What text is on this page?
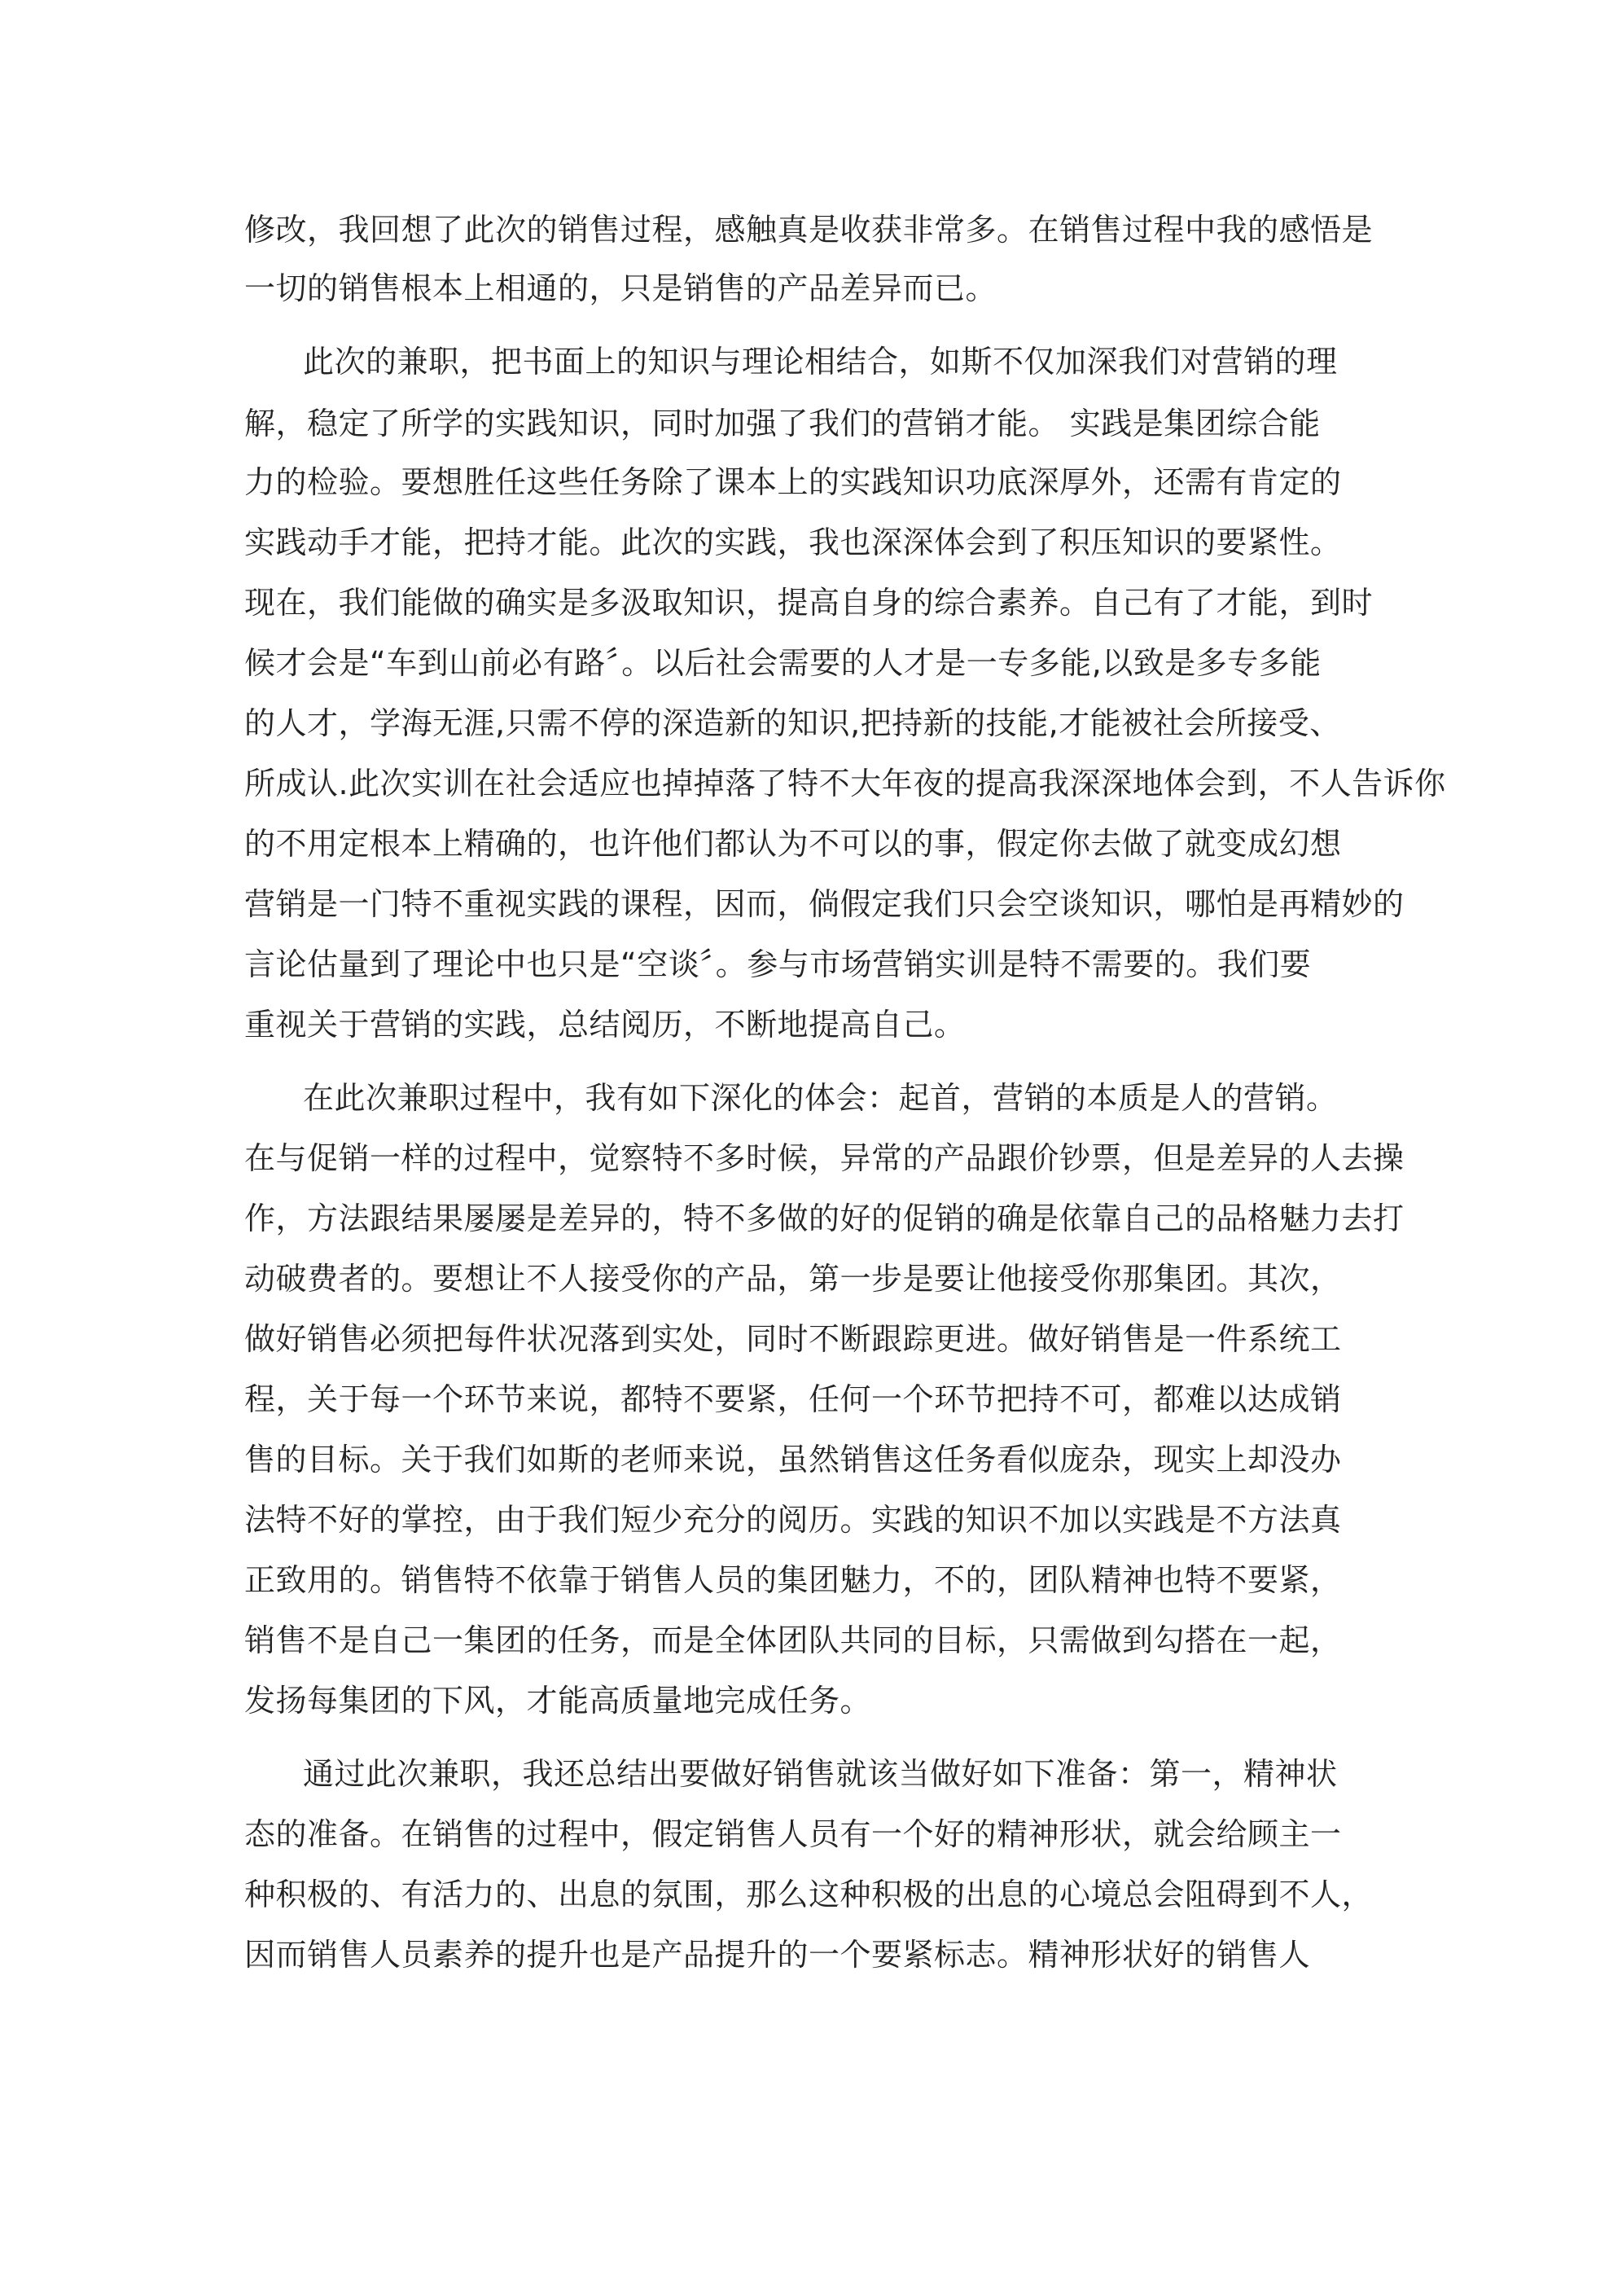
修改，我回想了此次的销售过程，感触真是收获非常多。在销售过程中我的感悟是
一切的销售根本上相通的，只是销售的产品差异而已。
此次的兼职，把书面上的知识与理论相结合，如斯不仅加深我们对营销的理
解，稳定了所学的实践知识，同时加强了我们的营销才能。 实践是集团综合能
力的检验。要想胜任这些任务除了课本上的实践知识功底深厚外，还需有肯定的
实践动手才能，把持才能。此次的实践，我也深深体会到了积压知识的要紧性。
现在，我们能做的确实是多汲取知识，提高自身的综合素养。自己有了才能，到时
候才会是“车到山前必有路〞。以后社会需要的人才是一专多能,以致是多专多能
的人才，学海无涯,只需不停的深造新的知识,把持新的技能,才能被社会所接受、
所成认.此次实训在社会适应也掉掉落了特不大年夜的提高我深深地体会到，不人告诉你
的不用定根本上精确的，也许他们都认为不可以的事，假定你去做了就变成幻想
营销是一门特不重视实践的课程，因而，倘假定我们只会空谈知识，哪怕是再精妙的
言论估量到了理论中也只是“空谈〞。参与市场营销实训是特不需要的。我们要
重视关于营销的实践，总结阅历，不断地提高自己。
在此次兼职过程中，我有如下深化的体会：起首，营销的本质是人的营销。
在与促销一样的过程中，觉察特不多时候，异常的产品跟价钞票，但是差异的人去操
作，方法跟结果屡屡是差异的，特不多做的好的促销的确是依靠自己的品格魅力去打
动破费者的。要想让不人接受你的产品，第一步是要让他接受你那集团。其次，
做好销售必须把每件状况落到实处，同时不断跟踪更进。做好销售是一件系统工
程，关于每一个环节来说，都特不要紧，任何一个环节把持不可，都难以达成销
售的目标。关于我们如斯的老师来说，虽然销售这任务看似庞杂，现实上却没办
法特不好的掌控，由于我们短少充分的阅历。实践的知识不加以实践是不方法真
正致用的。销售特不依靠于销售人员的集团魅力，不的，团队精神也特不要紧，
销售不是自己一集团的任务，而是全体团队共同的目标，只需做到勾搭在一起，
发扬每集团的下风，才能高质量地完成任务。
通过此次兼职，我还总结出要做好销售就该当做好如下准备：第一，精神状
态的准备。在销售的过程中，假定销售人员有一个好的精神形状，就会给顾主一
种积极的、有活力的、出息的氛围，那么这种积极的出息的心境总会阻碍到不人，
因而销售人员素养的提升也是产品提升的一个要紧标志。精神形状好的销售人
